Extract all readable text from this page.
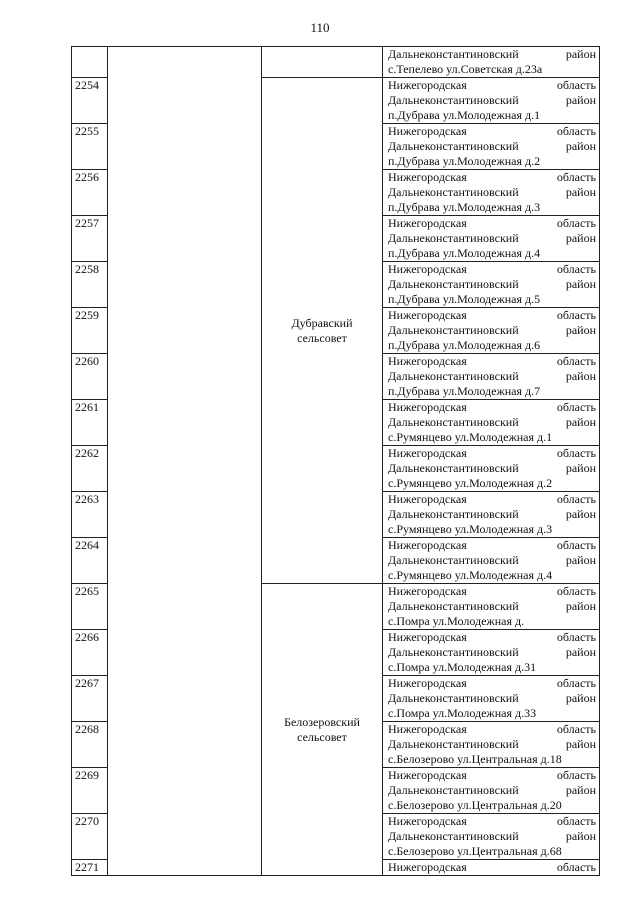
110

			Дальнеконстантиновский район
с.Тепелево ул.Советская д.23а

2254		Дубравский
сельсовет	Нижегородская область
Дальнеконстантиновский район
п.Дубрава ул.Молодежная д.1

2255			Нижегородская область
Дальнеконстантиновский район
п.Дубрава ул.Молодежная д.2

2256			Нижегородская область
Дальнеконстантиновский район
п.Дубрава ул.Молодежная д.3

2257			Нижегородская область
Дальнеконстантиновский район
п.Дубрава ул.Молодежная д.4

2258			Нижегородская область
Дальнеконстантиновский район
п.Дубрава ул.Молодежная д.5

2259			Нижегородская область
Дальнеконстантиновский район
п.Дубрава ул.Молодежная д.6

2260			Нижегородская область
Дальнеконстантиновский район
п.Дубрава ул.Молодежная д.7

2261			Нижегородская область
Дальнеконстантиновский район
с.Румянцево ул.Молодежная д.1

2262			Нижегородская область
Дальнеконстантиновский район
с.Румянцево ул.Молодежная д.2

2263			Нижегородская область
Дальнеконстантиновский район
с.Румянцево ул.Молодежная д.3

2264			Нижегородская область
Дальнеконстантиновский район
с.Румянцево ул.Молодежная д.4

2265		Белозеровский
сельсовет	Нижегородская область
Дальнеконстантиновский район
с.Помра ул.Молодежная д.

2266			Нижегородская область
Дальнеконстантиновский район
с.Помра ул.Молодежная д.31

2267			Нижегородская область
Дальнеконстантиновский район
с.Помра ул.Молодежная д.33

2268			Нижегородская область
Дальнеконстантиновский район
с.Белозерово ул.Центральная д.18

2269			Нижегородская область
Дальнеконстантиновский район
с.Белозерово ул.Центральная д.20

2270			Нижегородская область
Дальнеконстантиновский район
с.Белозерово ул.Центральная д.68

2271			Нижегородская область
